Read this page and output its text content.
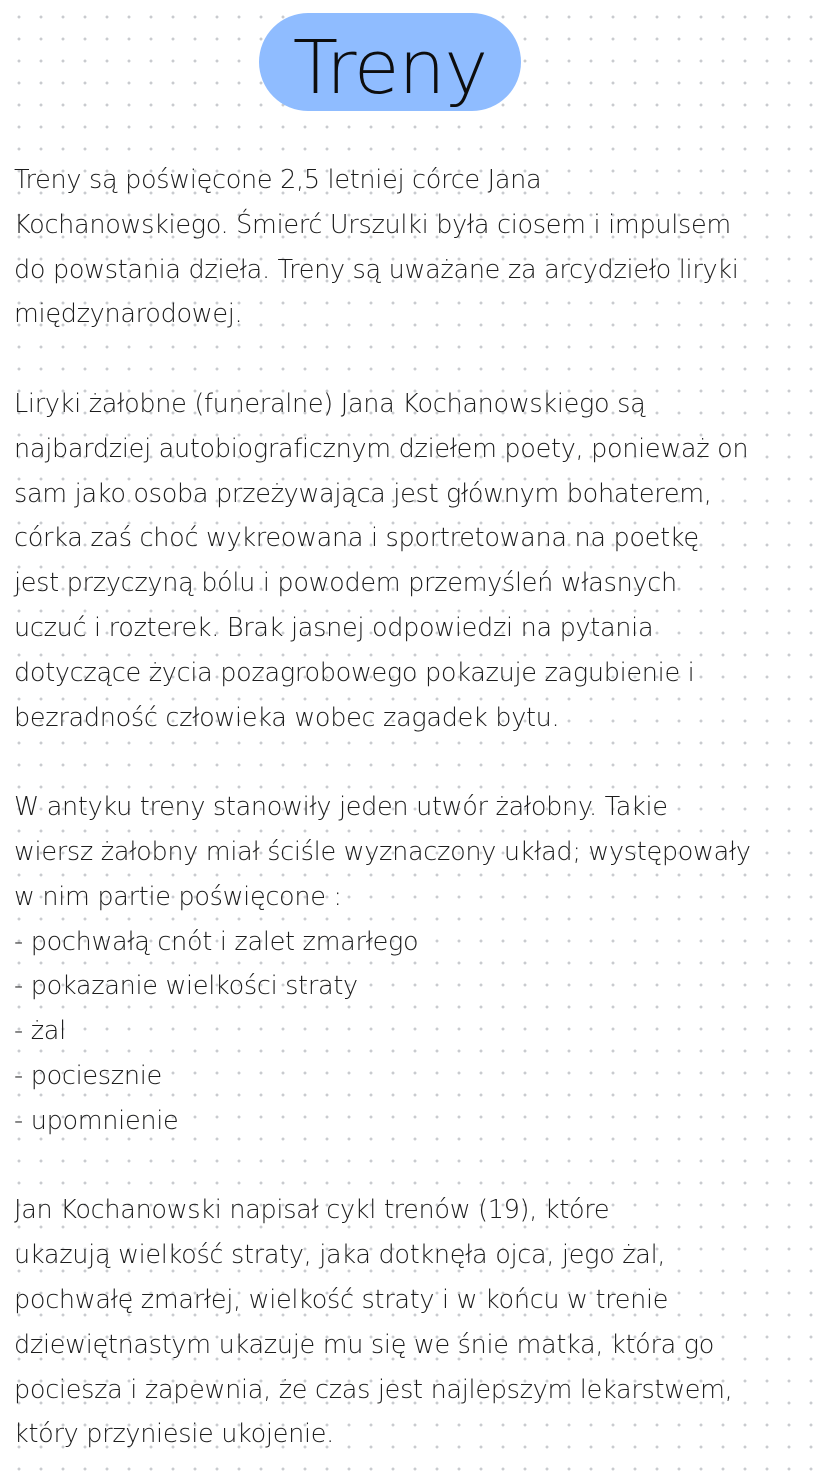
Treny
Treny są poświęcone 2,5 letniej córce Jana
Kochanowskiego. Śmierć Urszulki była ciosem i impulsem
do powstania dzieła. Treny są uważane za arcydzieło liryki
międzynarodowej.
Liryki żałobne (funeralne) Jana Kochanowskiego są
najbardziej autobiograficznym dziełem poety, ponieważ on
sam jako osoba przeżywająca jest głównym bohaterem,
córka zaś choć wykreowana i sportretowana na poetkę
jest przyczyną bólu i powodem przemyśleń własnych
uczuć i rozterek. Brak jasnej odpowiedzi na pytania
dotyczące życia pozagrobowego pokazuje zagubienie i
bezradność człowieka wobec zagadek bytu.
W antyku treny stanowiły jeden utwór żałobny. Takie
wiersz żałobny miał ściśle wyznaczony układ; występowały
w nim partie poświęcone :
- pochwałą cnót i zalet zmarłego
- pokazanie wielkości straty
- żal
- pociesznie
- upomnienie
Jan Kochanowski napisał cykl trenów (19), które
ukazują wielkość straty, jaka dotknęła ojca, jego żal,
pochwałę zmarłej, wielkość straty i w końcu w trenie
dziewiętnastym ukazuje mu się we śnie matka, która go
pociesza i zapewnia, że czas jest najlepszym lekarstwem,
który przyniesie ukojenie.
